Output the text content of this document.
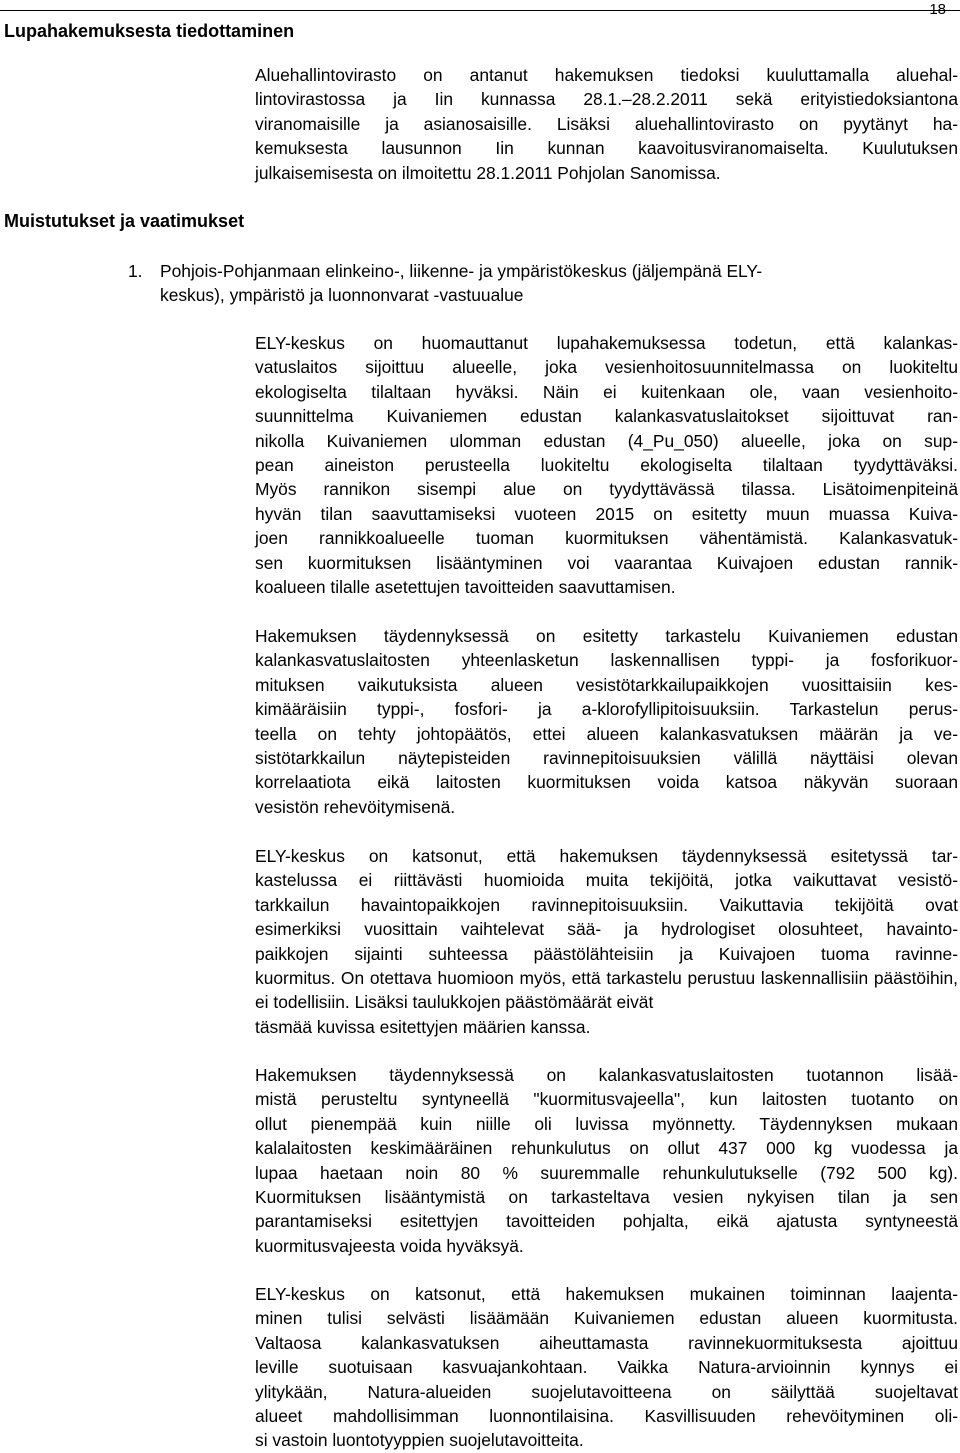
18
Lupahakemuksesta tiedottaminen
Aluehallintovirasto on antanut hakemuksen tiedoksi kuuluttamalla aluehal-
lintovirastossa ja Iin kunnassa 28.1.–28.2.2011 sekä erityistiedoksiantona
viranomaisille ja asianosaisille. Lisäksi aluehallintovirasto on pyytänyt ha-
kemuksesta lausunnon Iin kunnan kaavoitusviranomaiselta. Kuulutuksen
julkaisemisesta on ilmoitettu 28.1.2011 Pohjolan Sanomissa.
Muistutukset ja vaatimukset
1. Pohjois-Pohjanmaan elinkeino-, liikenne- ja ympäristökeskus (jäljempänä ELY-
keskus), ympäristö ja luonnonvarat -vastuualue
ELY-keskus on huomauttanut lupahakemuksessa todetun, että kalankas-
vatuslaitos sijoittuu alueelle, joka vesienhoitosuunnitelmassa on luokiteltu
ekologiselta tilaltaan hyväksi. Näin ei kuitenkaan ole, vaan vesienhoito-
suunnittelma Kuivaniemen edustan kalankasvatuslaitokset sijoittuvat ran-
nikolla Kuivaniemen ulomman edustan (4_Pu_050) alueelle, joka on sup-
pean aineiston perusteella luokiteltu ekologiselta tilaltaan tyydyttäväksi.
Myös rannikon sisempi alue on tyydyttävässä tilassa. Lisätoimenpiteinä
hyvän tilan saavuttamiseksi vuoteen 2015 on esitetty muun muassa Kuiva-
joen rannikkoalueelle tuoman kuormituksen vähentämistä. Kalankasvatuk-
sen kuormituksen lisääntyminen voi vaarantaa Kuivajoen edustan rannik-
koalueen tilalle asetettujen tavoitteiden saavuttamisen.
Hakemuksen täydennyksessä on esitetty tarkastelu Kuivaniemen edustan
kalankasvatuslaitosten yhteenlasketun laskennallisen typpi- ja fosforikuor-
mituksen vaikutuksista alueen vesistötarkkailupaikkojen vuosittaisiin kes-
kimääräisiin typpi-, fosfori- ja a-klorofyllipitoisuuksiin. Tarkastelun perus-
teella on tehty johtopäätös, ettei alueen kalankasvatuksen määrän ja ve-
sistötarkkailun näytepisteiden ravinnepitoisuuksien välillä näyttäisi olevan
korrelaatiota eikä laitosten kuormituksen voida katsoa näkyvän suoraan
vesistön rehevöitymisenä.
ELY-keskus on katsonut, että hakemuksen täydennyksessä esitetyssä tar-
kastelussa ei riittävästi huomioida muita tekijöitä, jotka vaikuttavat vesistö-
tarkkailun havaintopaikkojen ravinnepitoisuuksiin. Vaikuttavia tekijöitä ovat
esimerkiksi vuosittain vaihtelevat sää- ja hydrologiset olosuhteet, havainto-
paikkojen sijainti suhteessa päästölähteisiin ja Kuivajoen tuoma ravinne-
kuormitus. On otettava huomioon myös, että tarkastelu perustuu laskennallisiin päästöihin, ei todellisiin. Lisäksi taulukkojen päästömäärät eivät
täsmää kuvissa esitettyjen määrien kanssa.
Hakemuksen täydennyksessä on kalankasvatuslaitosten tuotannon lisää-
mistä perusteltu syntyneellä "kuormitusvajeella", kun laitosten tuotanto on
ollut pienempää kuin niille oli luvissa myönnetty. Täydennyksen mukaan
kalalaitosten keskimääräinen rehunkulutus on ollut 437 000 kg vuodessa ja
lupaa haetaan noin 80 % suuremmalle rehunkulutukselle (792 500 kg).
Kuormituksen lisääntymistä on tarkasteltava vesien nykyisen tilan ja sen
parantamiseksi esitettyjen tavoitteiden pohjalta, eikä ajatusta syntyneestä
kuormitusvajeesta voida hyväksyä.
ELY-keskus on katsonut, että hakemuksen mukainen toiminnan laajenta-
minen tulisi selvästi lisäämään Kuivaniemen edustan alueen kuormitusta.
Valtaosa kalankasvatuksen aiheuttamasta ravinnekuormituksesta ajoittuu
leville suotuisaan kasvuajankohtaan. Vaikka Natura-arvioinnin kynnys ei
ylitykään, Natura-alueiden suojelutavoitteena on säilyttää suojeltavat
alueet mahdollisimman luonnontilaisina. Kasvillisuuden rehevöityminen oli-
si vastoin luontotyyppien suojelutavoitteita.
